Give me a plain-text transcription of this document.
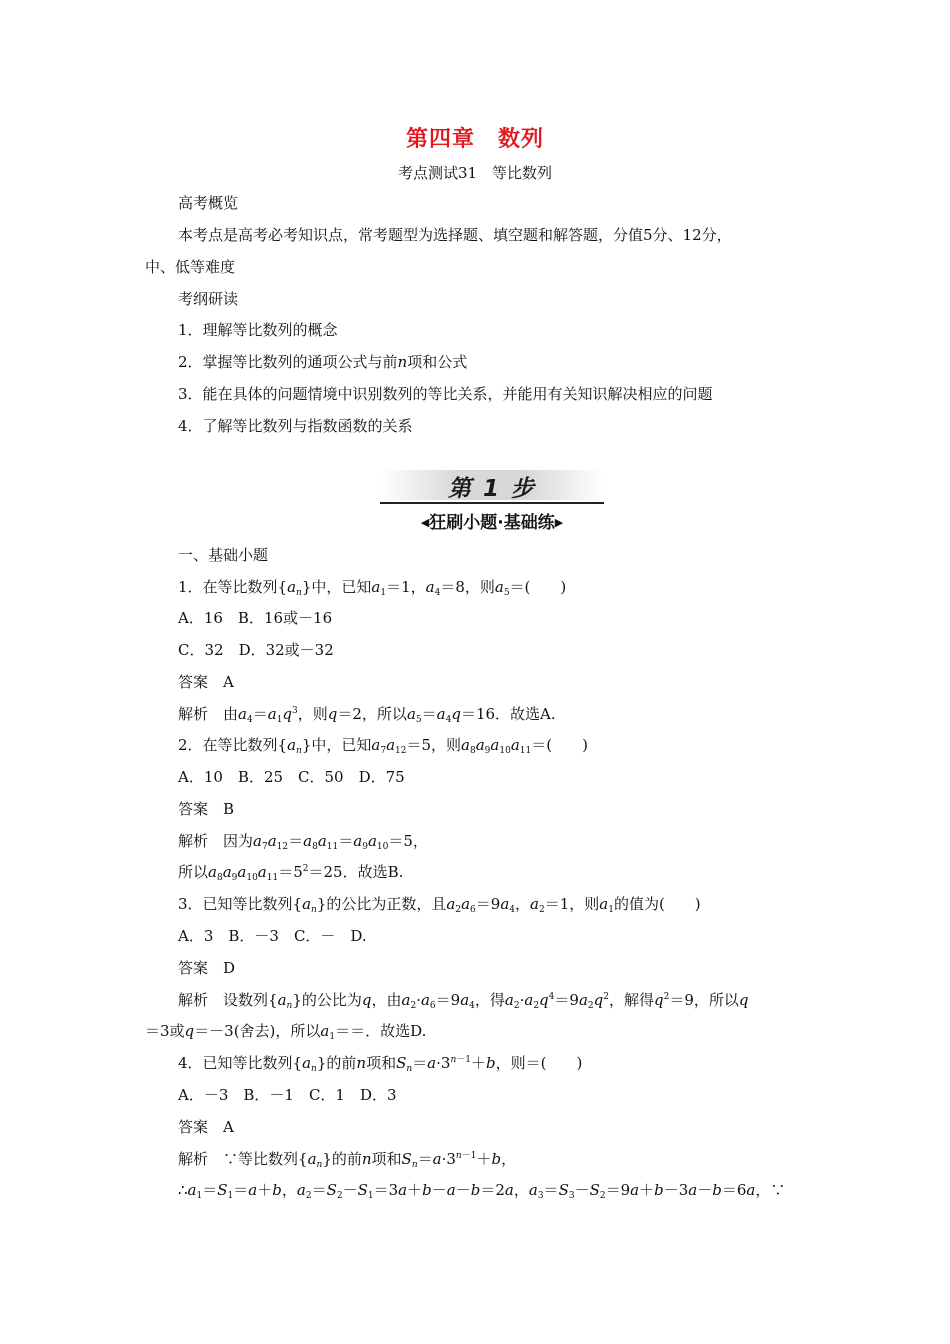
第四章　数列
考点测试31　等比数列
高考概览
本考点是高考必考知识点，常考题型为选择题、填空题和解答题，分值5分、12分，
中、低等难度
考纲研读
1．理解等比数列的概念
2．掌握等比数列的通项公式与前n项和公式
3．能在具体的问题情境中识别数列的等比关系，并能用有关知识解决相应的问题
4．了解等比数列与指数函数的关系
第 1 步
◀狂刷小题·基础练▶
一、基础小题
1．在等比数列$\{a_n\}$中，已知$a_1=1$，$a_4=8$，则$a_5=$(　　)
A．16　B．16或－16
C．32　D．32或－32
答案　 A
解析　由$a_4=a_1q^3$，则q＝2，所以$a_5=a_4q=16$．故选A.
2．在等比数列$\{a_n\}$中，已知$a_7a_{12}=5$，则$a_8a_9a_{10}a_{11}=$(　　)
A．10　B．25　C．50　D．75
答案　 B
解析　因为$a_7a_{12}=a_8a_{11}=a_9a_{10}=5$，
所以$a_8a_9a_{10}a_{11}=5^2=25$．故选B.
3．已知等比数列$\{a_n\}$的公比为正数，且$a_2a_6=9a_4$，$a_2=1$，则$a_1$的值为(　　)
A．3　B．－3　C．－　D.
答案　 D
解析　设数列$\{a_n\}$的公比为q，由$a_2\cdot a_6=9a_4$，得$a_2\cdot a_2q^4=9a_2q^2$，解得$q^2=9$，所以q
＝3或q＝－3(舍去)，所以$a_1==$．故选D.
4．已知等比数列$\{a_n\}$的前n项和$S_n=a\cdot 3^{n-1}+b$，则＝(　　)
A．－3　B．－1　C．1　D．3
答案　 A
解析　∵等比数列$\{a_n\}$的前n项和$S_n=a\cdot 3^{n-1}+b$，
$\therefore a_1=S_1=a+b$，$a_2=S_2-S_1=3a+b-a-b=2a$，$a_3=S_3-S_2=9a+b-3a-b=6a$，∵
